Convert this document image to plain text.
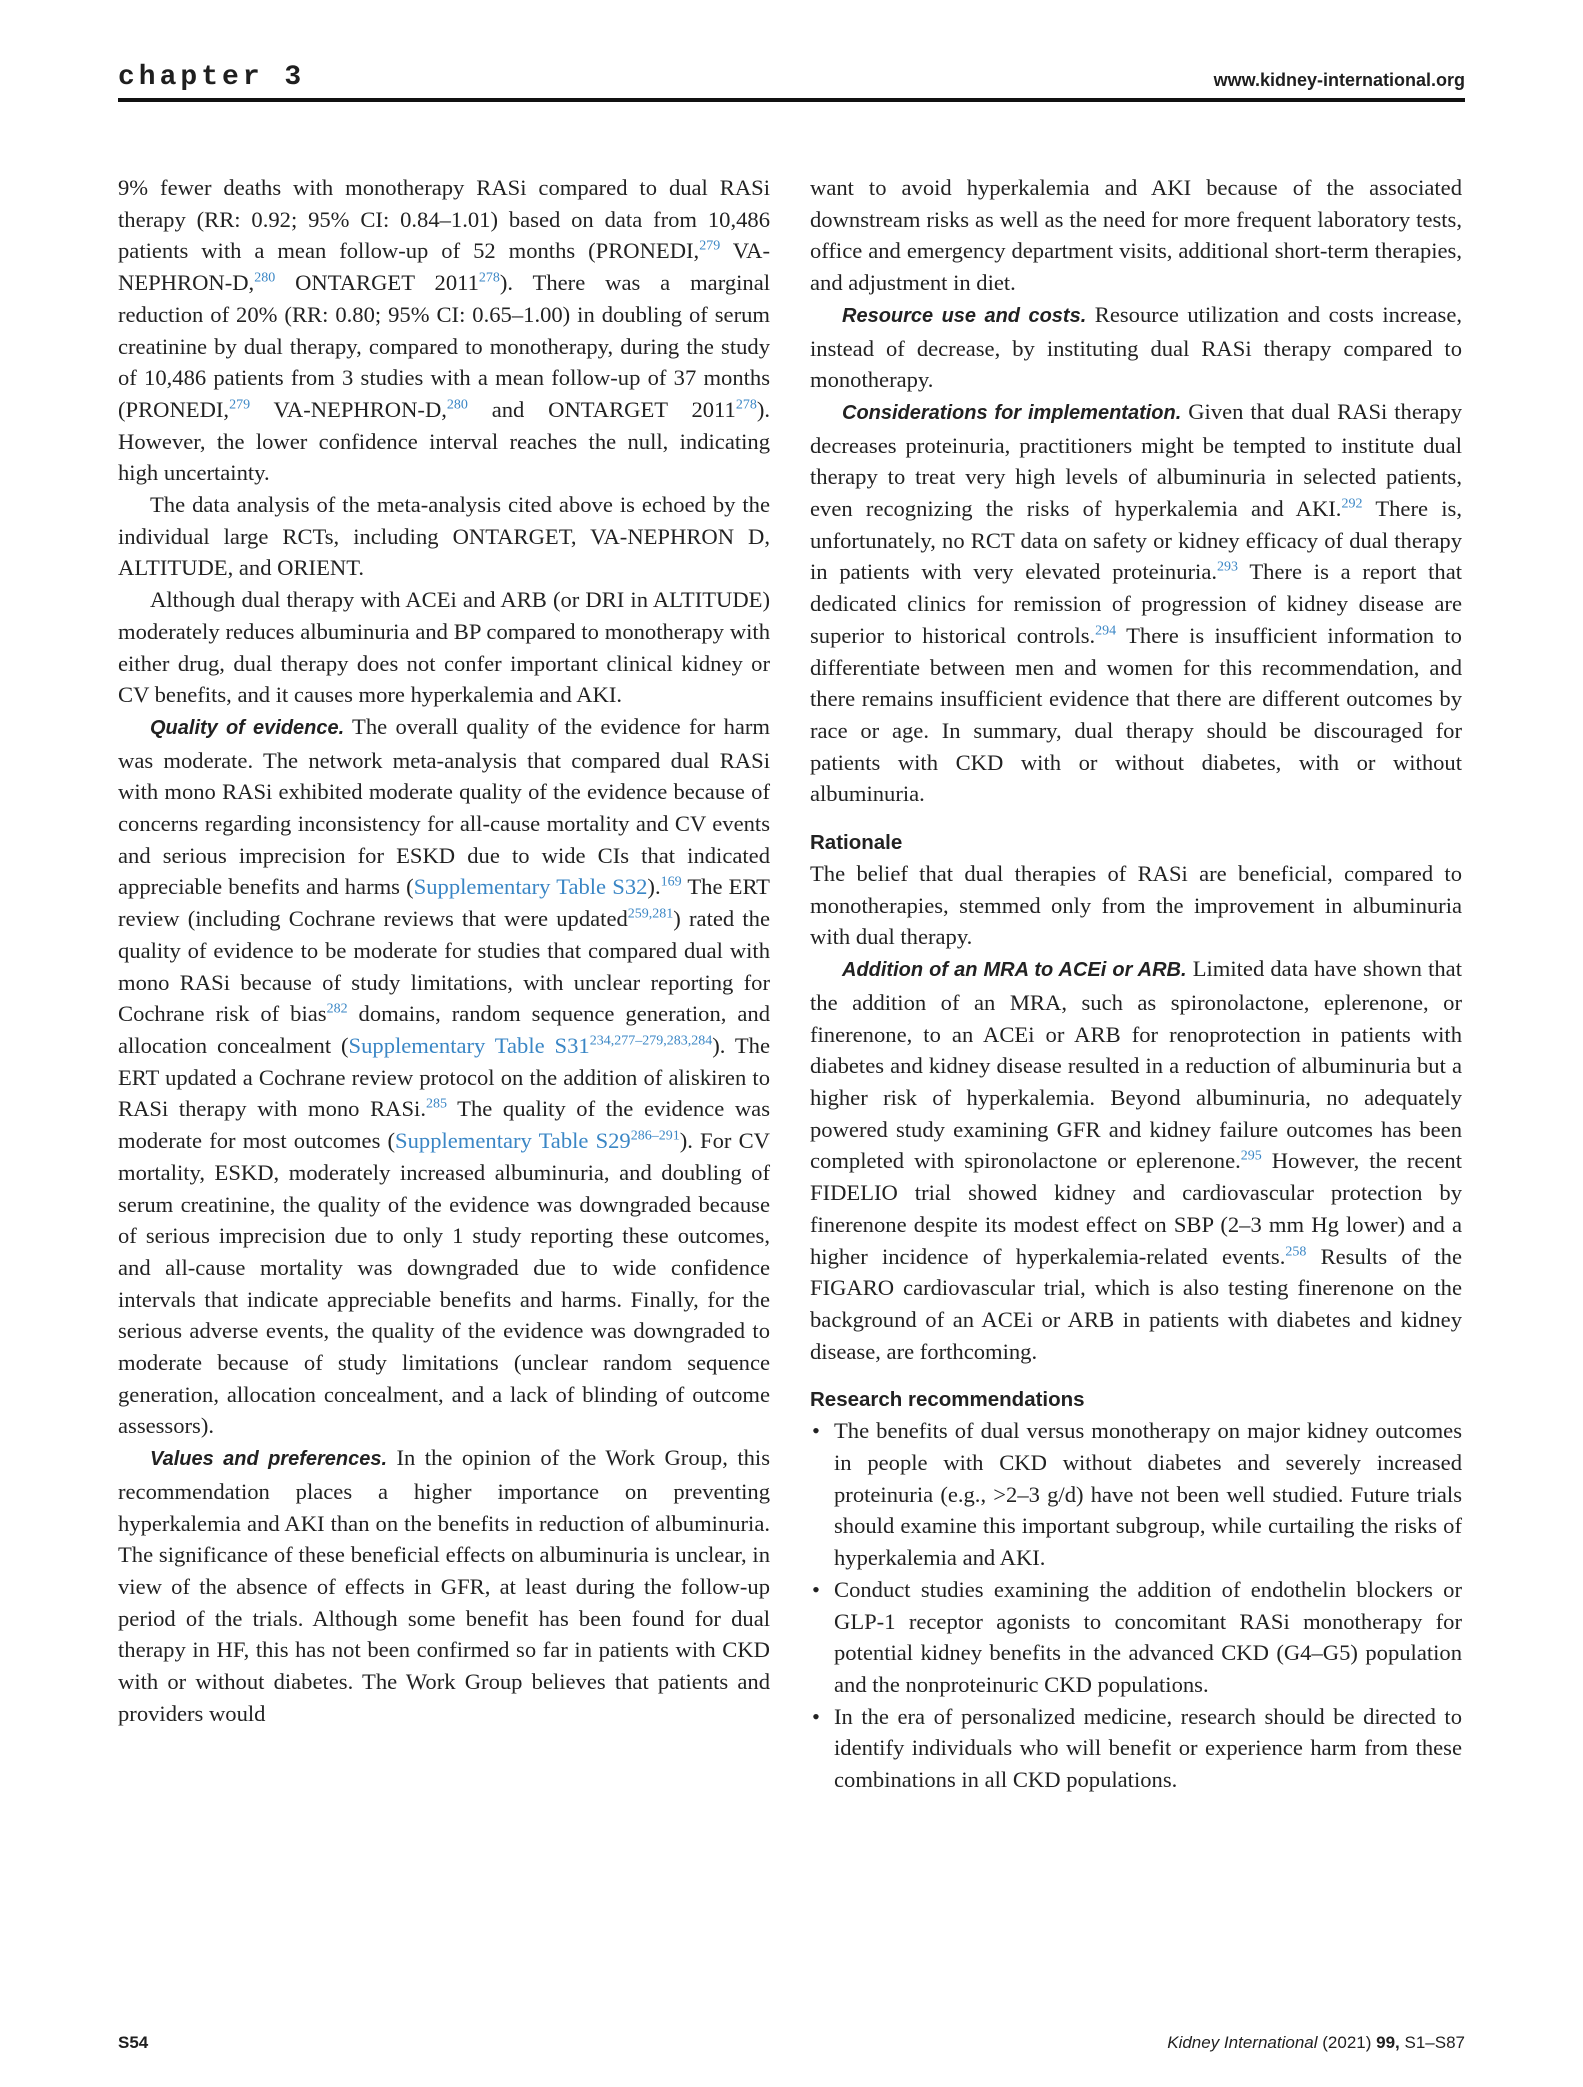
chapter 3	www.kidney-international.org

9% fewer deaths with monotherapy RASi compared to dual RASi therapy (RR: 0.92; 95% CI: 0.84–1.01) based on data from 10,486 patients with a mean follow-up of 52 months (PRONEDI,$^{279}$ VA-NEPHRON-D,$^{280}$ ONTARGET 2011$^{278}$). There was a marginal reduction of 20% (RR: 0.80; 95% CI: 0.65–1.00) in doubling of serum creatinine by dual therapy, compared to monotherapy, during the study of 10,486 patients from 3 studies with a mean follow-up of 37 months (PRONEDI,$^{279}$ VA-NEPHRON-D,$^{280}$ and ONTARGET 2011$^{278}$). However, the lower confidence interval reaches the null, indicating high uncertainty.

The data analysis of the meta-analysis cited above is echoed by the individual large RCTs, including ONTARGET, VA-NEPHRON D, ALTITUDE, and ORIENT.

Although dual therapy with ACEi and ARB (or DRI in ALTITUDE) moderately reduces albuminuria and BP compared to monotherapy with either drug, dual therapy does not confer important clinical kidney or CV benefits, and it causes more hyperkalemia and AKI.

Quality of evidence. The overall quality of the evidence for harm was moderate. The network meta-analysis that compared dual RASi with mono RASi exhibited moderate quality of the evidence because of concerns regarding inconsistency for all-cause mortality and CV events and serious imprecision for ESKD due to wide CIs that indicated appreciable benefits and harms (Supplementary Table S32).$^{169}$ The ERT review (including Cochrane reviews that were updated$^{259,281}$) rated the quality of evidence to be moderate for studies that compared dual with mono RASi because of study limitations, with unclear reporting for Cochrane risk of bias$^{282}$ domains, random sequence generation, and allocation concealment (Supplementary Table S31$^{234,277-279,283,284}$). The ERT updated a Cochrane review protocol on the addition of aliskiren to RASi therapy with mono RASi.$^{285}$ The quality of the evidence was moderate for most outcomes (Supplementary Table S29$^{286-291}$). For CV mortality, ESKD, moderately increased albuminuria, and doubling of serum creatinine, the quality of the evidence was downgraded because of serious imprecision due to only 1 study reporting these outcomes, and all-cause mortality was downgraded due to wide confidence intervals that indicate appreciable benefits and harms. Finally, for the serious adverse events, the quality of the evidence was downgraded to moderate because of study limitations (unclear random sequence generation, allocation concealment, and a lack of blinding of outcome assessors).

Values and preferences. In the opinion of the Work Group, this recommendation places a higher importance on preventing hyperkalemia and AKI than on the benefits in reduction of albuminuria. The significance of these beneficial effects on albuminuria is unclear, in view of the absence of effects in GFR, at least during the follow-up period of the trials. Although some benefit has been found for dual therapy in HF, this has not been confirmed so far in patients with CKD with or without diabetes. The Work Group believes that patients and providers would

want to avoid hyperkalemia and AKI because of the associated downstream risks as well as the need for more frequent laboratory tests, office and emergency department visits, additional short-term therapies, and adjustment in diet.

Resource use and costs. Resource utilization and costs increase, instead of decrease, by instituting dual RASi therapy compared to monotherapy.

Considerations for implementation. Given that dual RASi therapy decreases proteinuria, practitioners might be tempted to institute dual therapy to treat very high levels of albuminuria in selected patients, even recognizing the risks of hyperkalemia and AKI.$^{292}$ There is, unfortunately, no RCT data on safety or kidney efficacy of dual therapy in patients with very elevated proteinuria.$^{293}$ There is a report that dedicated clinics for remission of progression of kidney disease are superior to historical controls.$^{294}$ There is insufficient information to differentiate between men and women for this recommendation, and there remains insufficient evidence that there are different outcomes by race or age. In summary, dual therapy should be discouraged for patients with CKD with or without diabetes, with or without albuminuria.

Rationale

The belief that dual therapies of RASi are beneficial, compared to monotherapies, stemmed only from the improvement in albuminuria with dual therapy.

Addition of an MRA to ACEi or ARB. Limited data have shown that the addition of an MRA, such as spironolactone, eplerenone, or finerenone, to an ACEi or ARB for renoprotection in patients with diabetes and kidney disease resulted in a reduction of albuminuria but a higher risk of hyperkalemia. Beyond albuminuria, no adequately powered study examining GFR and kidney failure outcomes has been completed with spironolactone or eplerenone.$^{295}$ However, the recent FIDELIO trial showed kidney and cardiovascular protection by finerenone despite its modest effect on SBP (2–3 mm Hg lower) and a higher incidence of hyperkalemia-related events.$^{258}$ Results of the FIGARO cardiovascular trial, which is also testing finerenone on the background of an ACEi or ARB in patients with diabetes and kidney disease, are forthcoming.

Research recommendations
• The benefits of dual versus monotherapy on major kidney outcomes in people with CKD without diabetes and severely increased proteinuria (e.g., >2–3 g/d) have not been well studied. Future trials should examine this important subgroup, while curtailing the risks of hyperkalemia and AKI.
• Conduct studies examining the addition of endothelin blockers or GLP-1 receptor agonists to concomitant RASi monotherapy for potential kidney benefits in the advanced CKD (G4–G5) population and the nonproteinuric CKD populations.
• In the era of personalized medicine, research should be directed to identify individuals who will benefit or experience harm from these combinations in all CKD populations.
S54	Kidney International (2021) 99, S1–S87
